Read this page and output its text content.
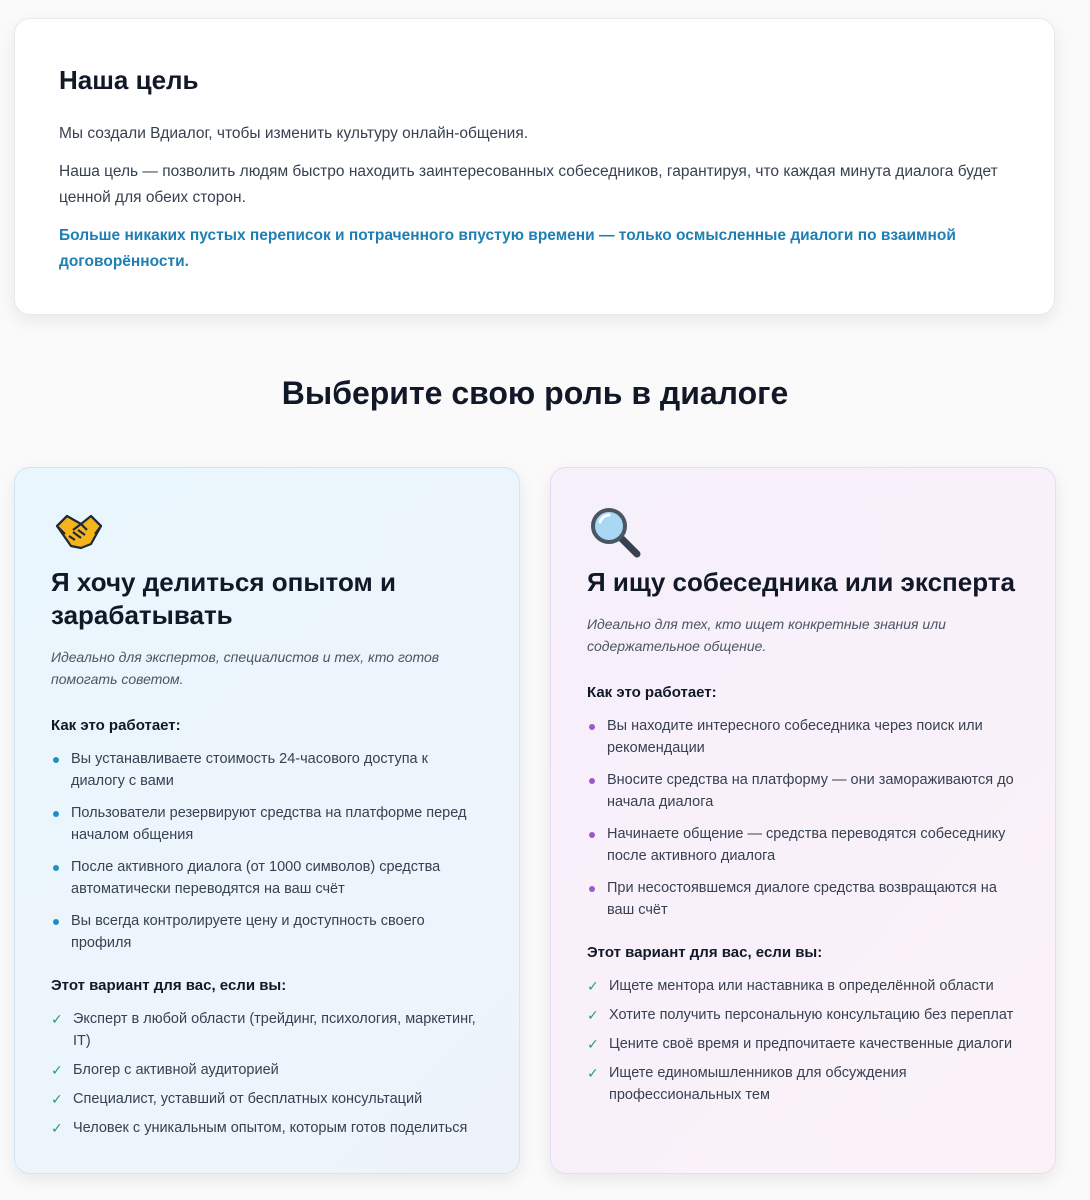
Наша цель

Мы создали Вдиалог, чтобы изменить культуру онлайн-общения.

Наша цель — позволить людям быстро находить заинтересованных собеседников, гарантируя, что каждая минута диалога будет ценной для обеих сторон.

Больше никаких пустых переписок и потраченного впустую времени — только осмысленные диалоги по взаимной договорённости.

Выберите свою роль в диалоге
Я хочу делиться опытом и зарабатывать

Идеально для экспертов, специалистов и тех, кто готов помогать советом.

Как это работает:
Вы устанавливаете стоимость 24-часового доступа к диалогу с вами
Пользователи резервируют средства на платформе перед началом общения
После активного диалога (от 1000 символов) средства автоматически переводятся на ваш счёт
Вы всегда контролируете цену и доступность своего профиля
Этот вариант для вас, если вы:
✓ Эксперт в любой области (трейдинг, психология, маркетинг, IT)
✓ Блогер с активной аудиторией
✓ Специалист, уставший от бесплатных консультаций
✓ Человек с уникальным опытом, которым готов поделиться
Я ищу собеседника или эксперта

Идеально для тех, кто ищет конкретные знания или содержательное общение.

Как это работает:
Вы находите интересного собеседника через поиск или рекомендации
Вносите средства на платформу — они замораживаются до начала диалога
Начинаете общение — средства переводятся собеседнику после активного диалога
При несостоявшемся диалоге средства возвращаются на ваш счёт
Этот вариант для вас, если вы:
✓ Ищете ментора или наставника в определённой области
✓ Хотите получить персональную консультацию без переплат
✓ Цените своё время и предпочитаете качественные диалоги
✓ Ищете единомышленников для обсуждения профессиональных тем
